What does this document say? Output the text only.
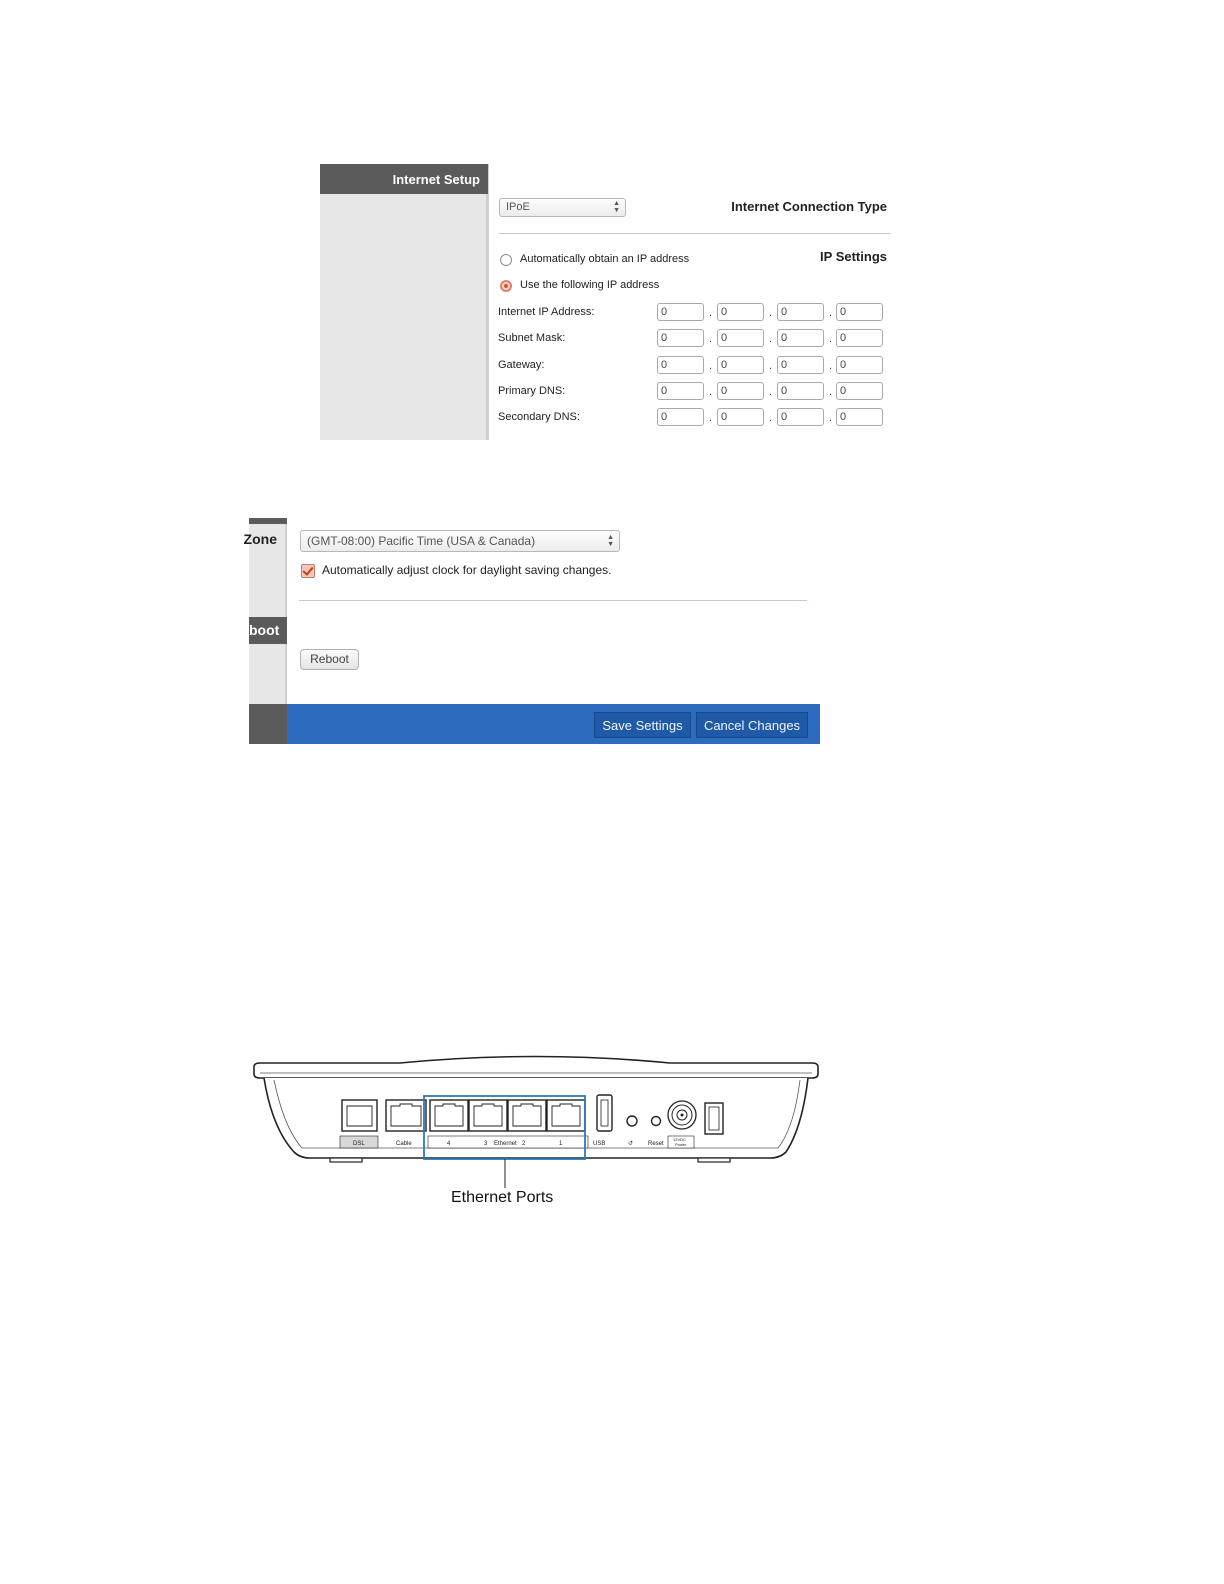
Internet Setup
Internet Connection Type
IP Settings
IPoE	▲
▼
Automatically obtain an IP address
Use the following IP address
Internet IP Address:	0	. 0	. 0	. 0
Subnet Mask:	0	. 0	. 0	. 0
Gateway:	0	. 0	. 0	. 0
Primary DNS:	0	. 0	. 0	. 0
Secondary DNS:	0	. 0	. 0	. 0
Zone	(GMT-08:00) Pacific Time (USA & Canada)	▲
▼
Automatically adjust clock for daylight saving changes.
boot
Reboot
Save Settings	Cancel Changes
DSL	Cable	4	3 Ethernet 2	1	USB	↺ Reset
12VDC
Power
Ethernet Ports
